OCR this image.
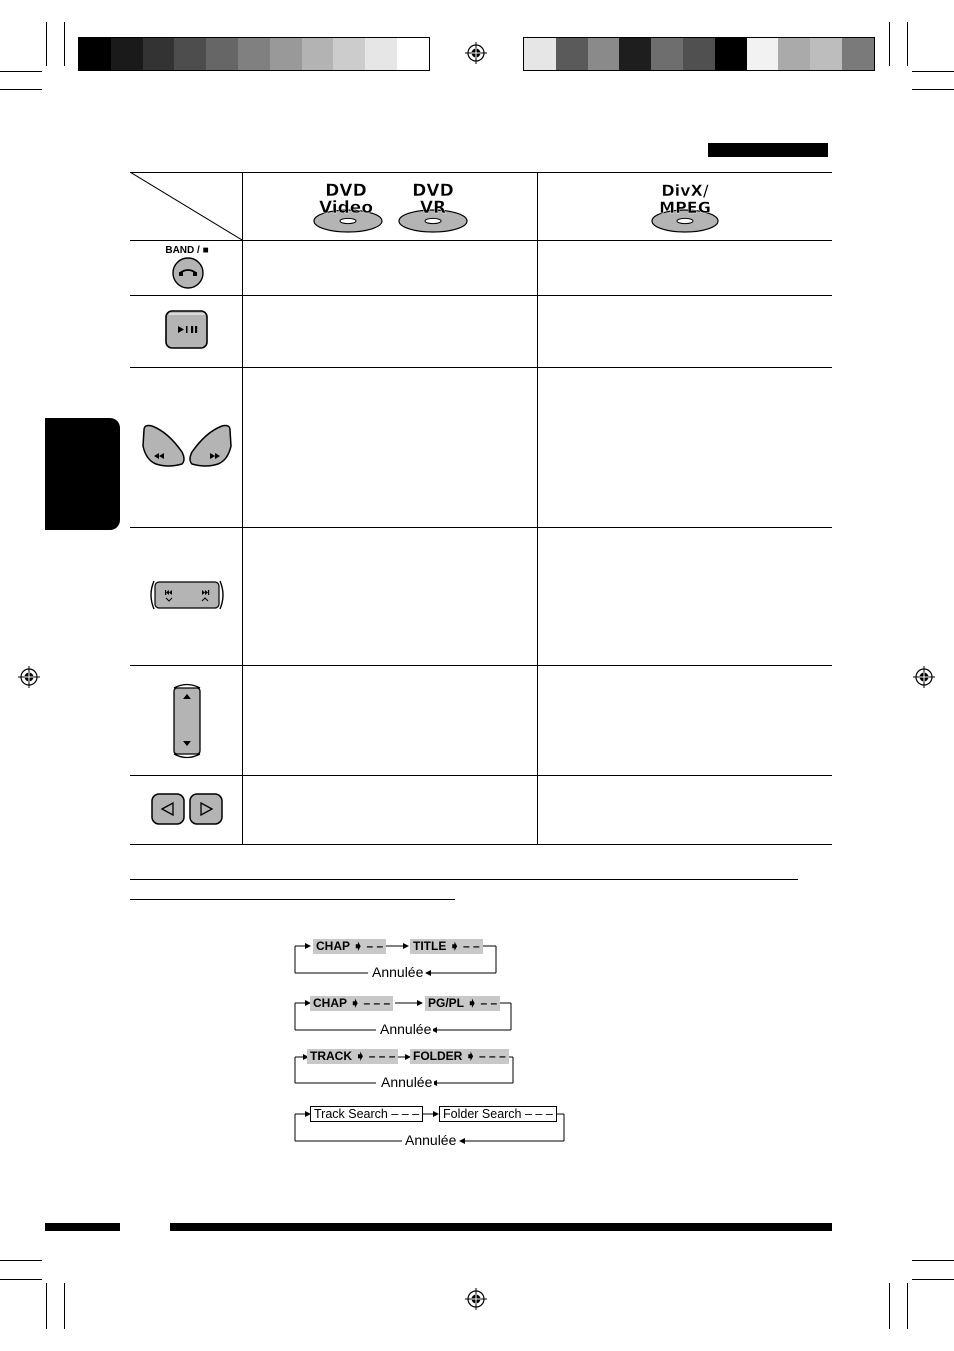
DVD
Video
DVD
VR
DivX/
MPEG
BAND / ■
CHAP ➧ – – TITLE ➧ – –
Annulée
CHAP ➧ – – –	PG/PL ➧ – –
Annulée
TRACK ➧ – – – FOLDER ➧ – – –
Annulée
Track Search – – –	Folder Search – – –
Annulée
